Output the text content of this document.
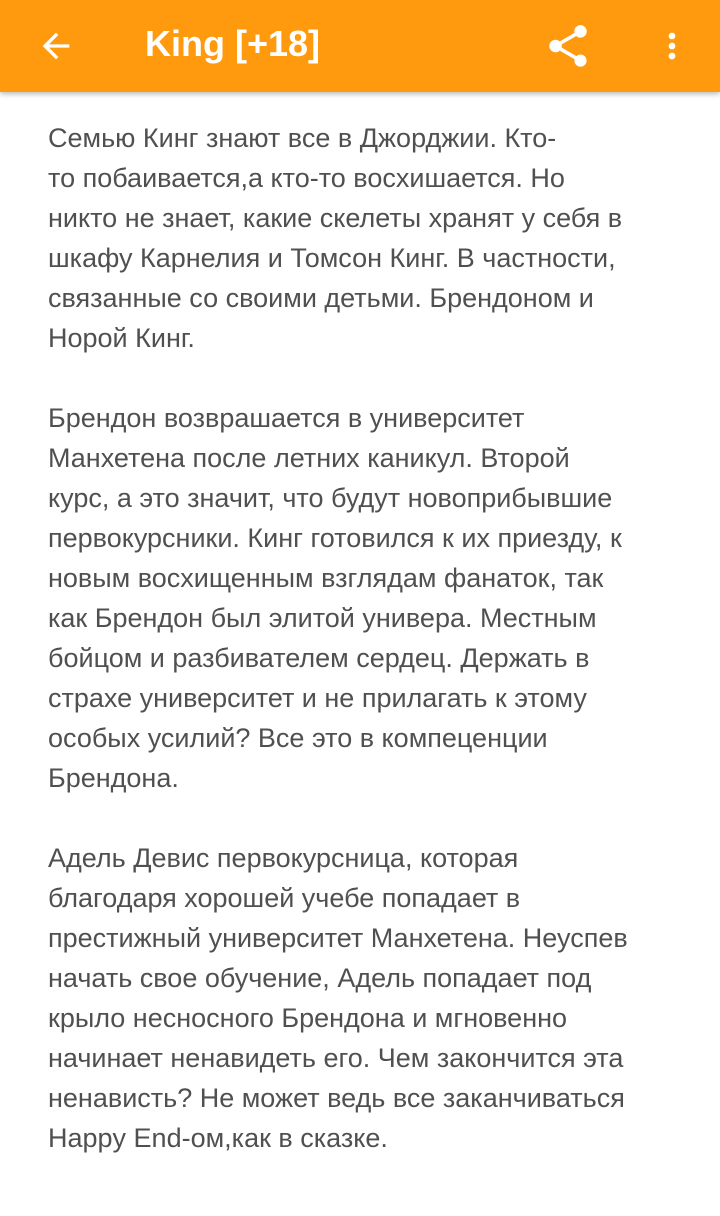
King [+18]

Семью Кинг знают все в Джорджии. Кто-
то побаивается,а кто-то восхишается. Но
никто не знает, какие скелеты хранят у себя в
шкафу Карнелия и Томсон Кинг. В частности,
связанные со своими детьми. Брендоном и
Норой Кинг.

Брендон возврашается в университет
Манхетена после летних каникул. Второй
курс, а это значит, что будут новоприбывшие
первокурсники. Кинг готовился к их приезду, к
новым восхищенным взглядам фанаток, так
как Брендон был элитой универа. Местным
бойцом и разбивателем сердец. Держать в
страхе университет и не прилагать к этому
особых усилий? Все это в компеценции
Брендона.

Адель Девис первокурсница, которая
благодаря хорошей учебе попадает в
престижный университет Манхетена. Неуспев
начать свое обучение, Адель попадает под
крыло несносного Брендона и мгновенно
начинает ненавидеть его. Чем закончится эта
ненависть? Не может ведь все заканчиваться
Happy End-ом,как в сказке.
